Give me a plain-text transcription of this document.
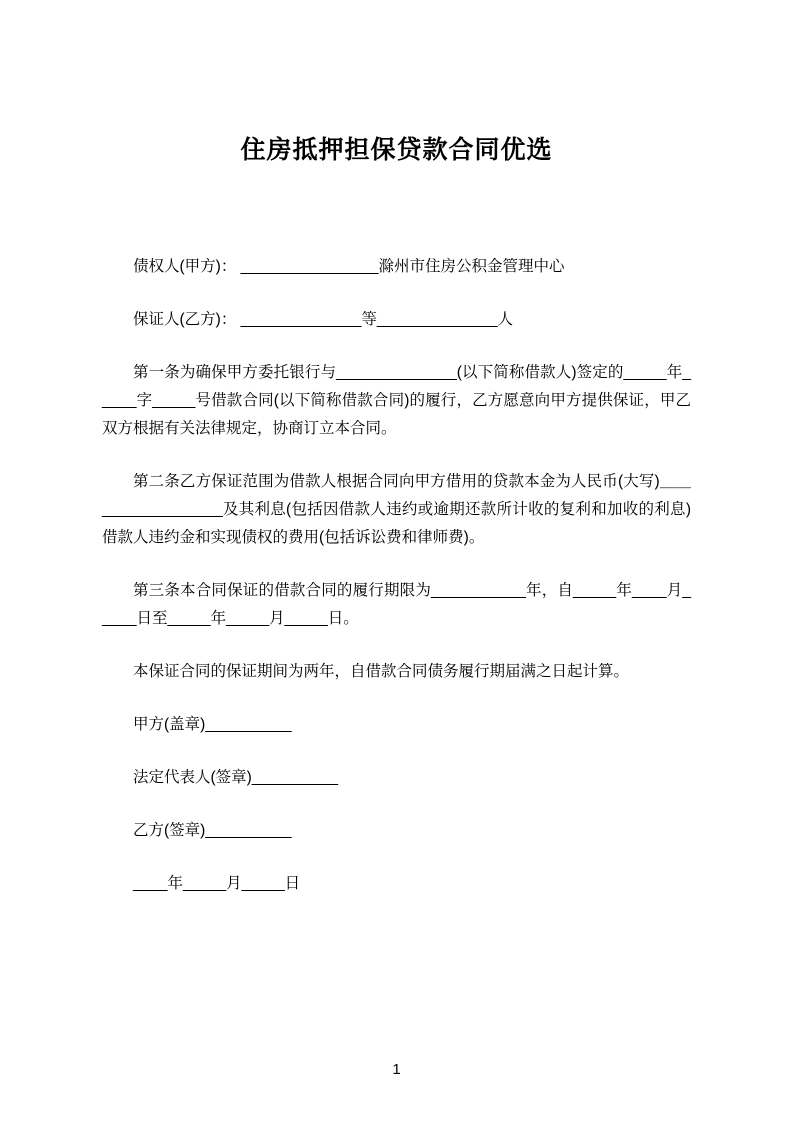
住房抵押担保贷款合同优选

债权人(甲方)： ________________滁州市住房公积金管理中心

保证人(乙方)： ______________等______________人

第一条为确保甲方委托银行与______________(以下简称借款人)签定的_____年_____字_____号借款合同(以下简称借款合同)的履行，乙方愿意向甲方提供保证，甲乙双方根据有关法律规定，协商订立本合同。

第二条乙方保证范围为借款人根据合同向甲方借用的贷款本金为人民币(大写)＿＿______________及其利息(包括因借款人违约或逾期还款所计收的复利和加收的利息)借款人违约金和实现债权的费用(包括诉讼费和律师费)。

第三条本合同保证的借款合同的履行期限为___________年，自_____年____月_____日至_____年_____月_____日。

本保证合同的保证期间为两年，自借款合同债务履行期届满之日起计算。

甲方(盖章)__________

法定代表人(签章)__________

乙方(签章)__________

____年_____月_____日

1
